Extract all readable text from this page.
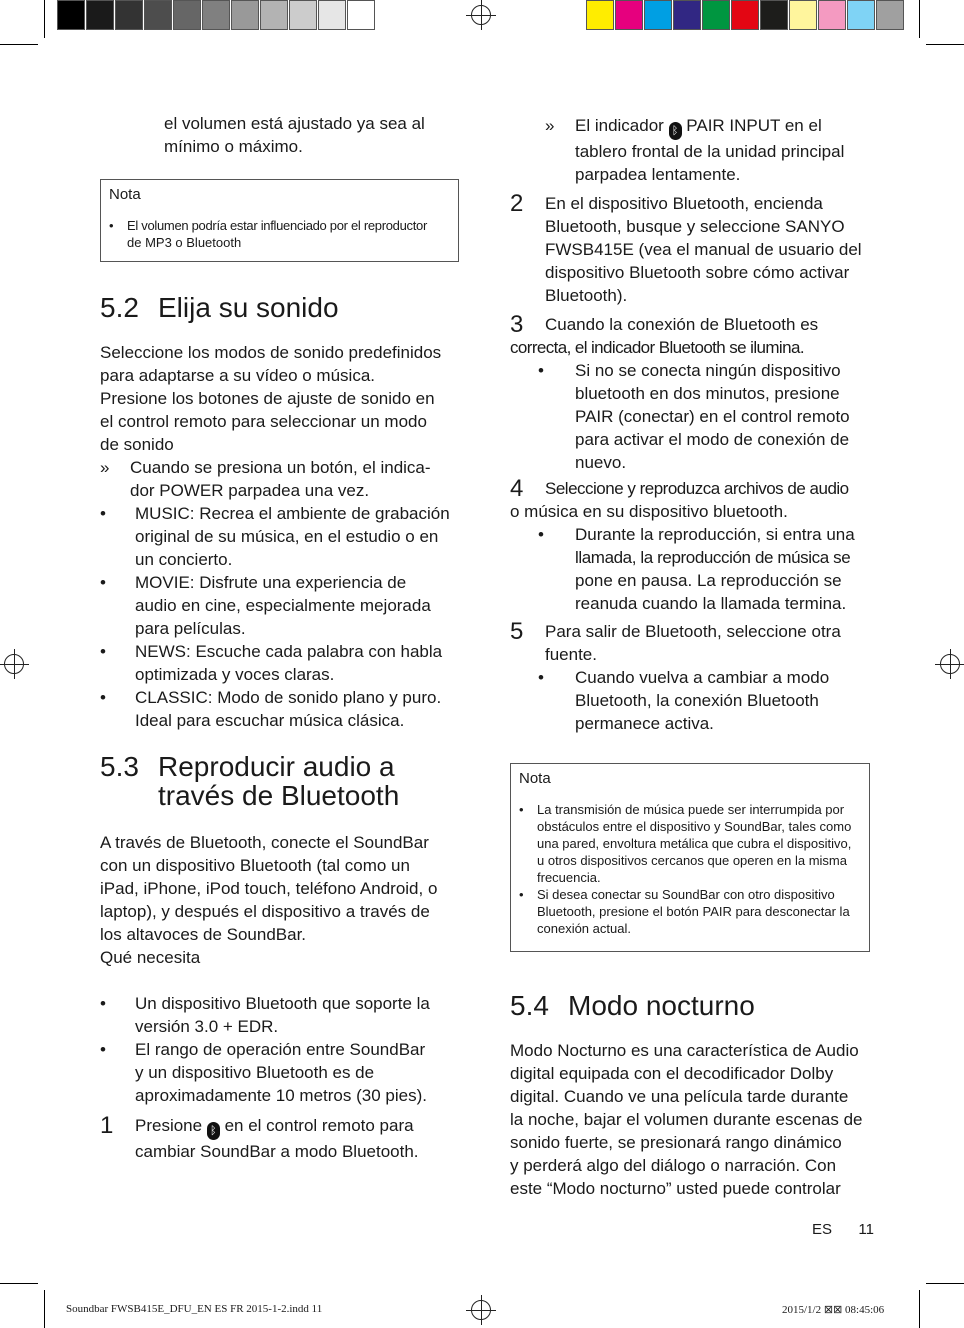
el volumen está ajustado ya sea al
mínimo o máximo.
Nota
•	El volumen podría estar influenciado por el reproductor
de MP3 o Bluetooth
5.2 Elija su sonido
Seleccione los modos de sonido predefinidos
para adaptarse a su vídeo o música.
Presione los botones de ajuste de sonido en
el control remoto para seleccionar un modo
de sonido
»	Cuando se presiona un botón, el indica-
dor POWER parpadea una vez.
•	MUSIC: Recrea el ambiente de grabación
original de su música, en el estudio o en
un concierto.
•	MOVIE: Disfrute una experiencia de
audio en cine, especialmente mejorada
para películas.
•	NEWS: Escuche cada palabra con habla
optimizada y voces claras.
•	CLASSIC: Modo de sonido plano y puro.
Ideal para escuchar música clásica.
5.3 Reproducir audio a
través de Bluetooth
A través de Bluetooth, conecte el SoundBar
con un dispositivo Bluetooth (tal como un
iPad, iPhone, iPod touch, teléfono Android, o
laptop), y después el dispositivo a través de
los altavoces de SoundBar.
Qué necesita
•	Un dispositivo Bluetooth que soporte la
versión 3.0 + EDR.
•	El rango de operación entre SoundBar
y un dispositivo Bluetooth es de
aproximadamente 10 metros (30 pies).
1	Presione ᛒ en el control remoto para
cambiar SoundBar a modo Bluetooth.
»	El indicador ᛒ PAIR INPUT en el
tablero frontal de la unidad principal
parpadea lentamente.
2	En el dispositivo Bluetooth, encienda
Bluetooth, busque y seleccione SANYO
FWSB415E (vea el manual de usuario del
dispositivo Bluetooth sobre cómo activar
Bluetooth).
3	Cuando la conexión de Bluetooth es
correcta, el indicador Bluetooth se ilumina.
•	Si no se conecta ningún dispositivo
bluetooth en dos minutos, presione
PAIR (conectar) en el control remoto
para activar el modo de conexión de
nuevo.
4	Seleccione y reproduzca archivos de audio
o música en su dispositivo bluetooth.
•	Durante la reproducción, si entra una
llamada, la reproducción de música se
pone en pausa. La reproducción se
reanuda cuando la llamada termina.
5	Para salir de Bluetooth, seleccione otra
fuente.
•	Cuando vuelva a cambiar a modo
Bluetooth, la conexión Bluetooth
permanece activa.
Nota
•	La transmisión de música puede ser interrumpida por
obstáculos entre el dispositivo y SoundBar, tales como
una pared, envoltura metálica que cubra el dispositivo,
u otros dispositivos cercanos que operen en la misma
frecuencia.
•	Si desea conectar su SoundBar con otro dispositivo
Bluetooth, presione el botón PAIR para desconectar la
conexión actual.
5.4 Modo nocturno
Modo Nocturno es una característica de Audio
digital equipada con el decodificador Dolby
digital. Cuando ve una película tarde durante
la noche, bajar el volumen durante escenas de
sonido fuerte, se presionará rango dinámico
y perderá algo del diálogo o narración. Con
este “Modo nocturno” usted puede controlar
ES 11
Soundbar FWSB415E_DFU_EN ES FR 2015-1-2.indd 11	2015/1/2 ⊠⊠ 08:45:06
